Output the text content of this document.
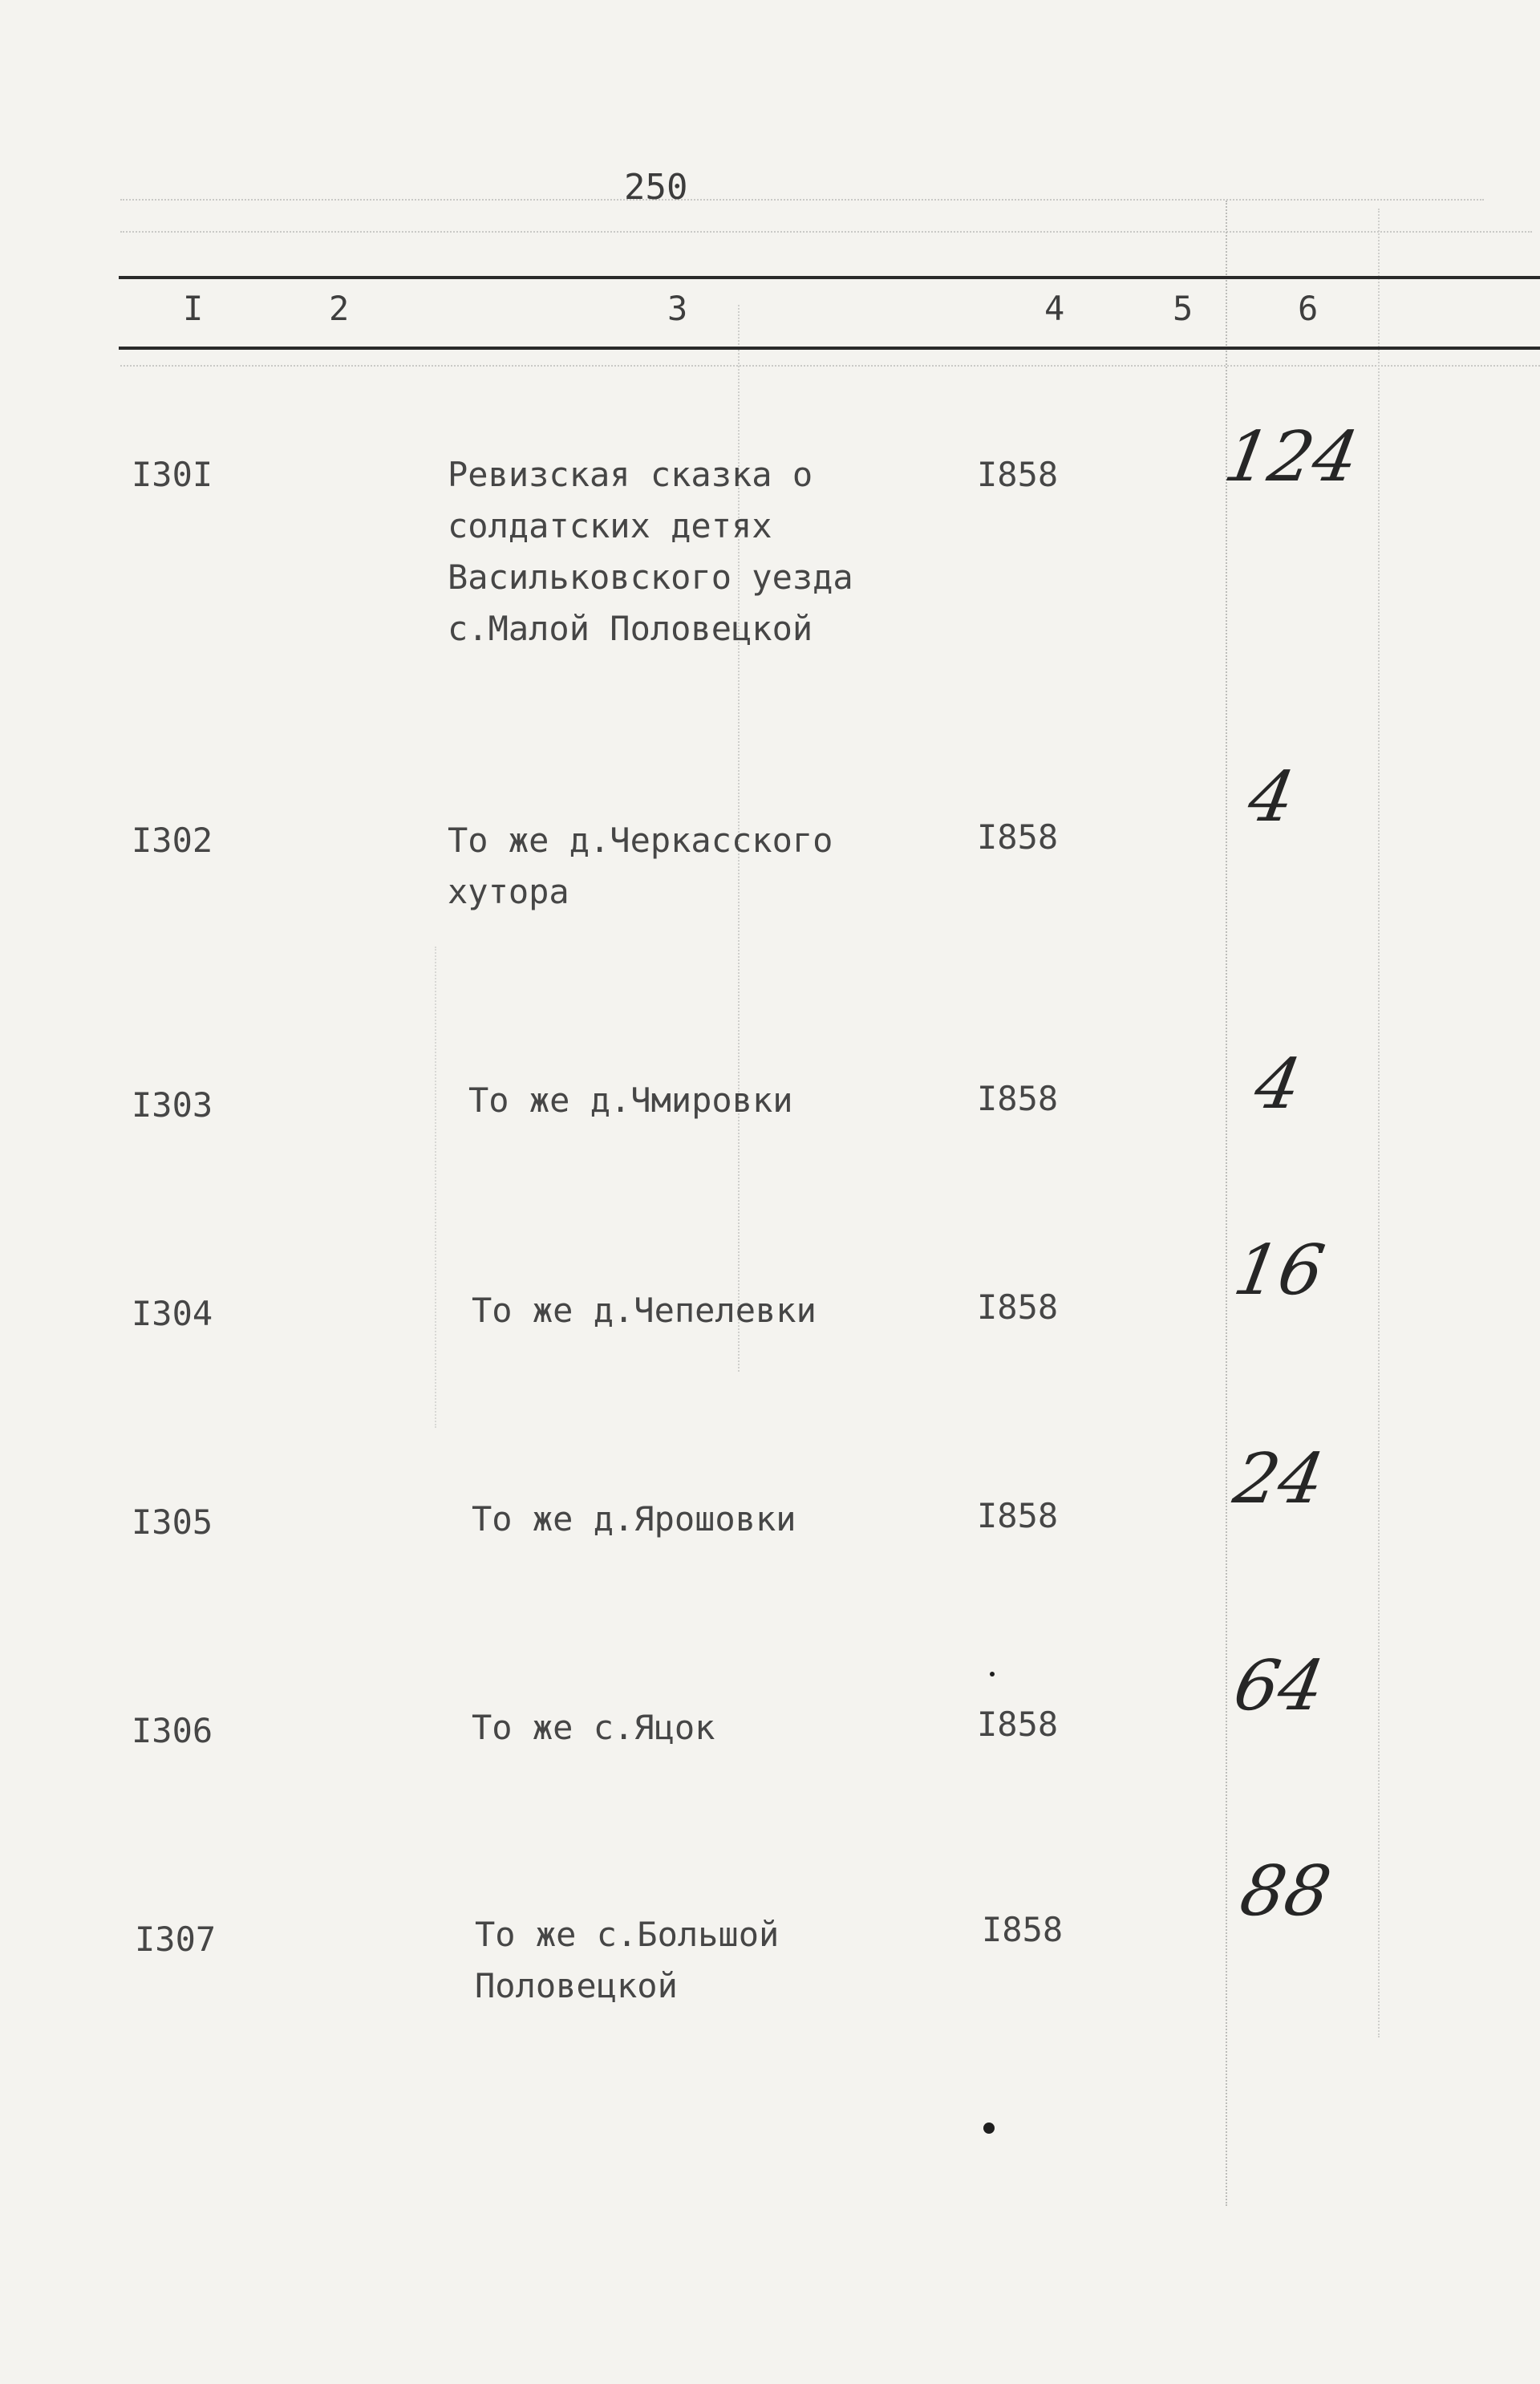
250
I	2	3	4	5	6
I30I	Ревизская сказка о
солдатских детях
Васильковского уезда
с.Малой Половецкой
I858 124
I302	То же д.Черкасского
хутора
I858	4
I303	То же д.Чмировки	I858	4
I304	То же д.Чепелевки	I858 16
I305	То же д.Ярошовки	I858 24
I306	То же с.Яцок	I858 64
I307	То же с.Большой
Половецкой
I858 88
